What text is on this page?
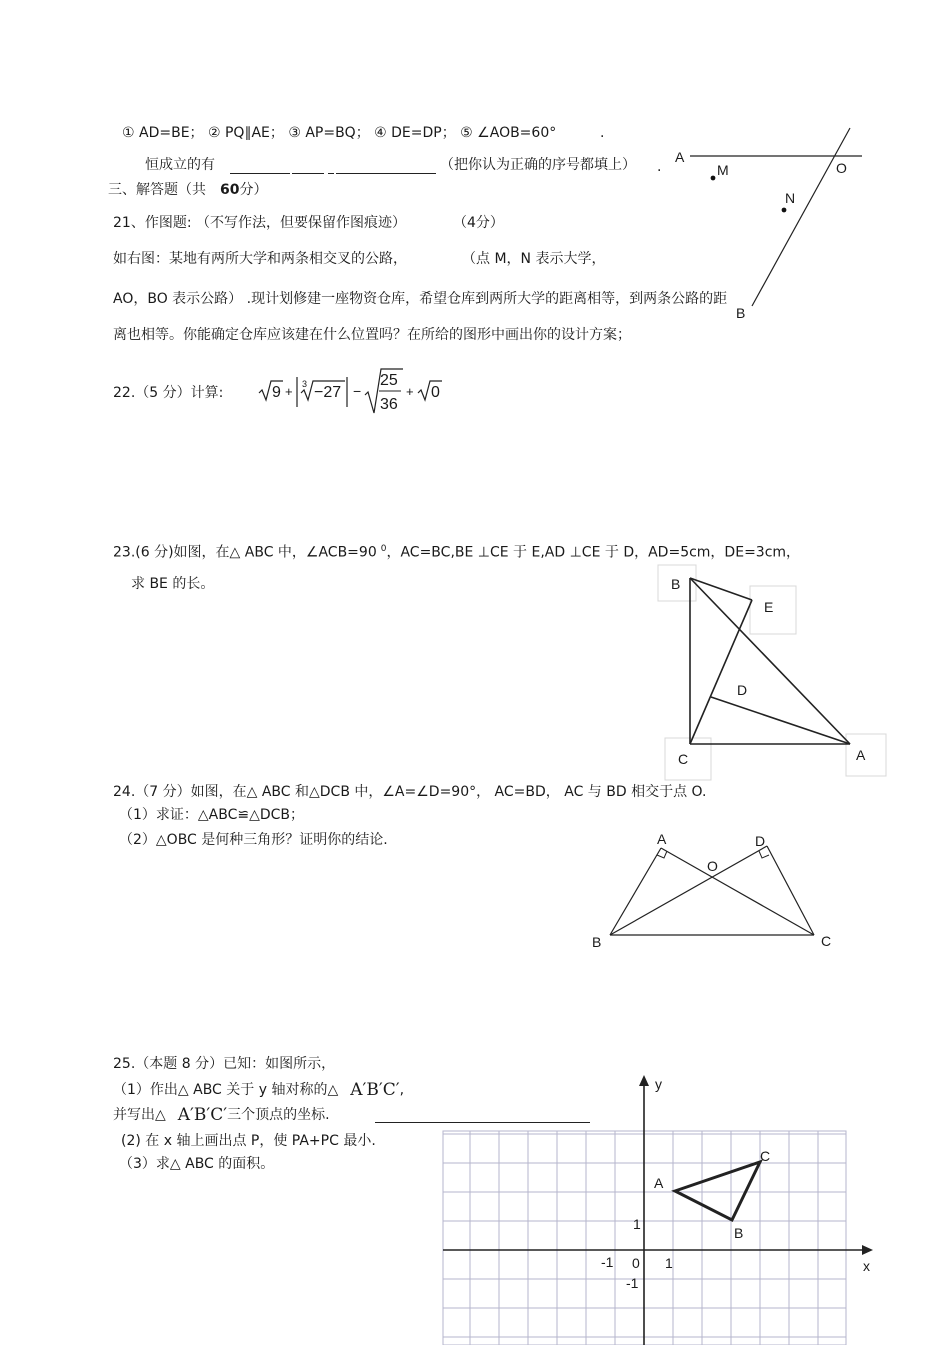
① AD=BE； ② PQ∥AE； ③ AP=BQ； ④ DE=DP； ⑤ ∠AOB=60°	.
恒成立的有	（把你认为正确的序号都填上） .
三、解答题（共 60分）
21、作图题: （不写作法，但要保留作图痕迹）	（4分）
如右图：某地有两所大学和两条相交叉的公路，	（点 M，N 表示大学，
AO，BO 表示公路） .现计划修建一座物资仓库，希望仓库到两所大学的距离相等，到两条公路的距
离也相等。你能确定仓库应该建在什么位置吗？在所给的图形中画出你的设计方案；
A
M	O
N
B
22.（5 分）计算:	9 + 3 −27 −
25
36
+ 0
23.(6 分)如图，在△ ABC 中，∠ACB=90 $^0$，AC=BC,BE ⊥CE 于 E,AD ⊥CE 于 D，AD=5cm，DE=3cm，
求 BE 的长。	B
E
D
C	A
24.（7 分）如图，在△ ABC 和△DCB 中，∠A=∠D=90°， AC=BD， AC 与 BD 相交于点 O.
（1）求证：△ABC≌△DCB；
（2）△OBC 是何种三角形？证明你的结论.	A	D
O
B	C
25.（本题 8 分）已知：如图所示，
（1）作出△ ABC 关于 y 轴对称的△ A′B′C′,
并写出△ A′B′C′三个顶点的坐标.
(2) 在 x 轴上画出点 P，使 PA+PC 最小.
（3）求△ ABC 的面积。
y
x
A
B
C
1
-1 0 1
-1
